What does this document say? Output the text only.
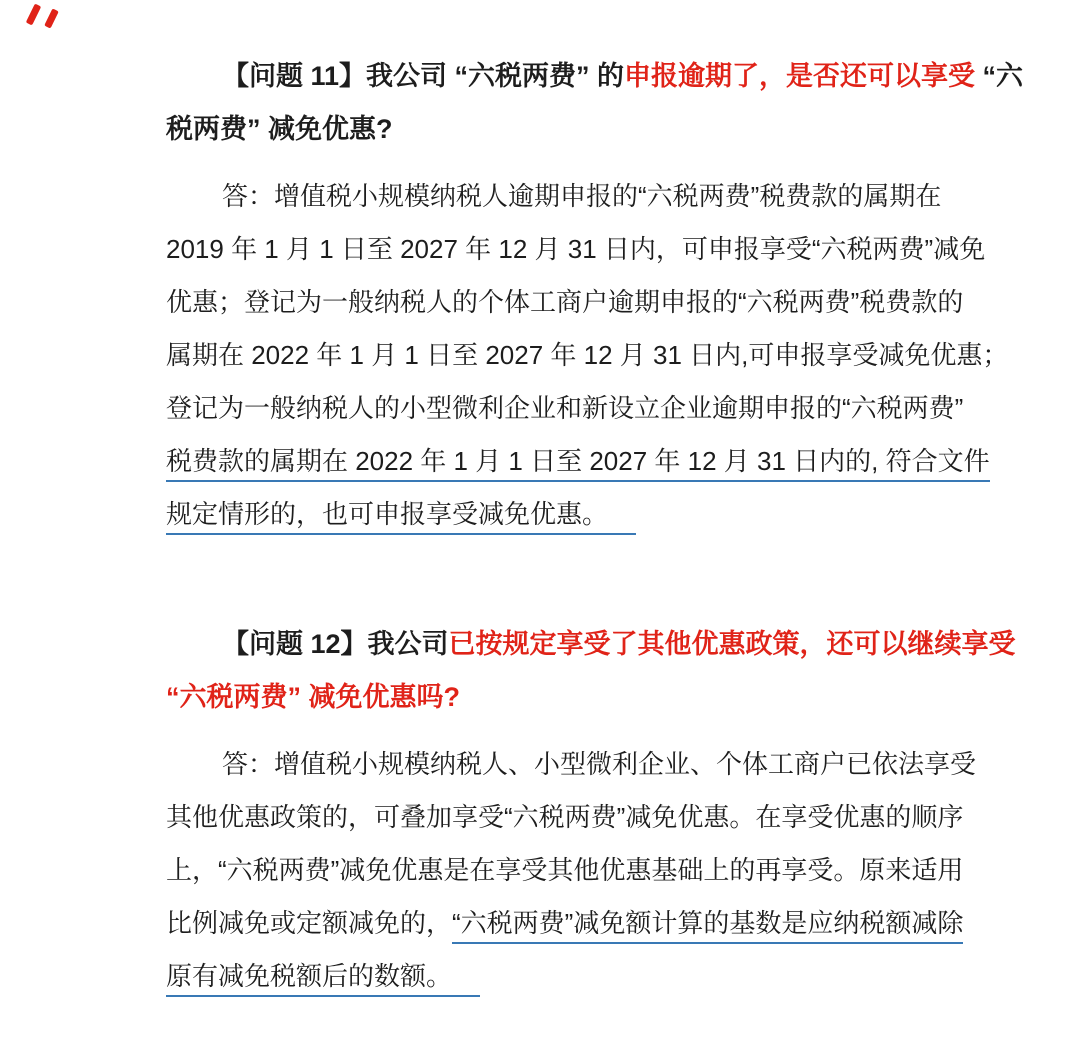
【问题 11】我公司 “六税两费” 的申报逾期了，是否还可以享受 “六
税两费” 减免优惠?
答：增值税小规模纳税人逾期申报的“六税两费”税费款的属期在
2019 年 1 月 1 日至 2027 年 12 月 31 日内，可申报享受“六税两费”减免
优惠；登记为一般纳税人的个体工商户逾期申报的“六税两费”税费款的
属期在 2022 年 1 月 1 日至 2027 年 12 月 31 日内,可申报享受减免优惠；
登记为一般纳税人的小型微利企业和新设立企业逾期申报的“六税两费”
税费款的属期在 2022 年 1 月 1 日至 2027 年 12 月 31 日内的, 符合文件
规定情形的，也可申报享受减免优惠。
【问题 12】我公司已按规定享受了其他优惠政策，还可以继续享受
“六税两费” 减免优惠吗?
答：增值税小规模纳税人、小型微利企业、个体工商户已依法享受
其他优惠政策的，可叠加享受“六税两费”减免优惠。在享受优惠的顺序
上，“六税两费”减免优惠是在享受其他优惠基础上的再享受。原来适用
比例减免或定额减免的，“六税两费”减免额计算的基数是应纳税额减除
原有减免税额后的数额。
